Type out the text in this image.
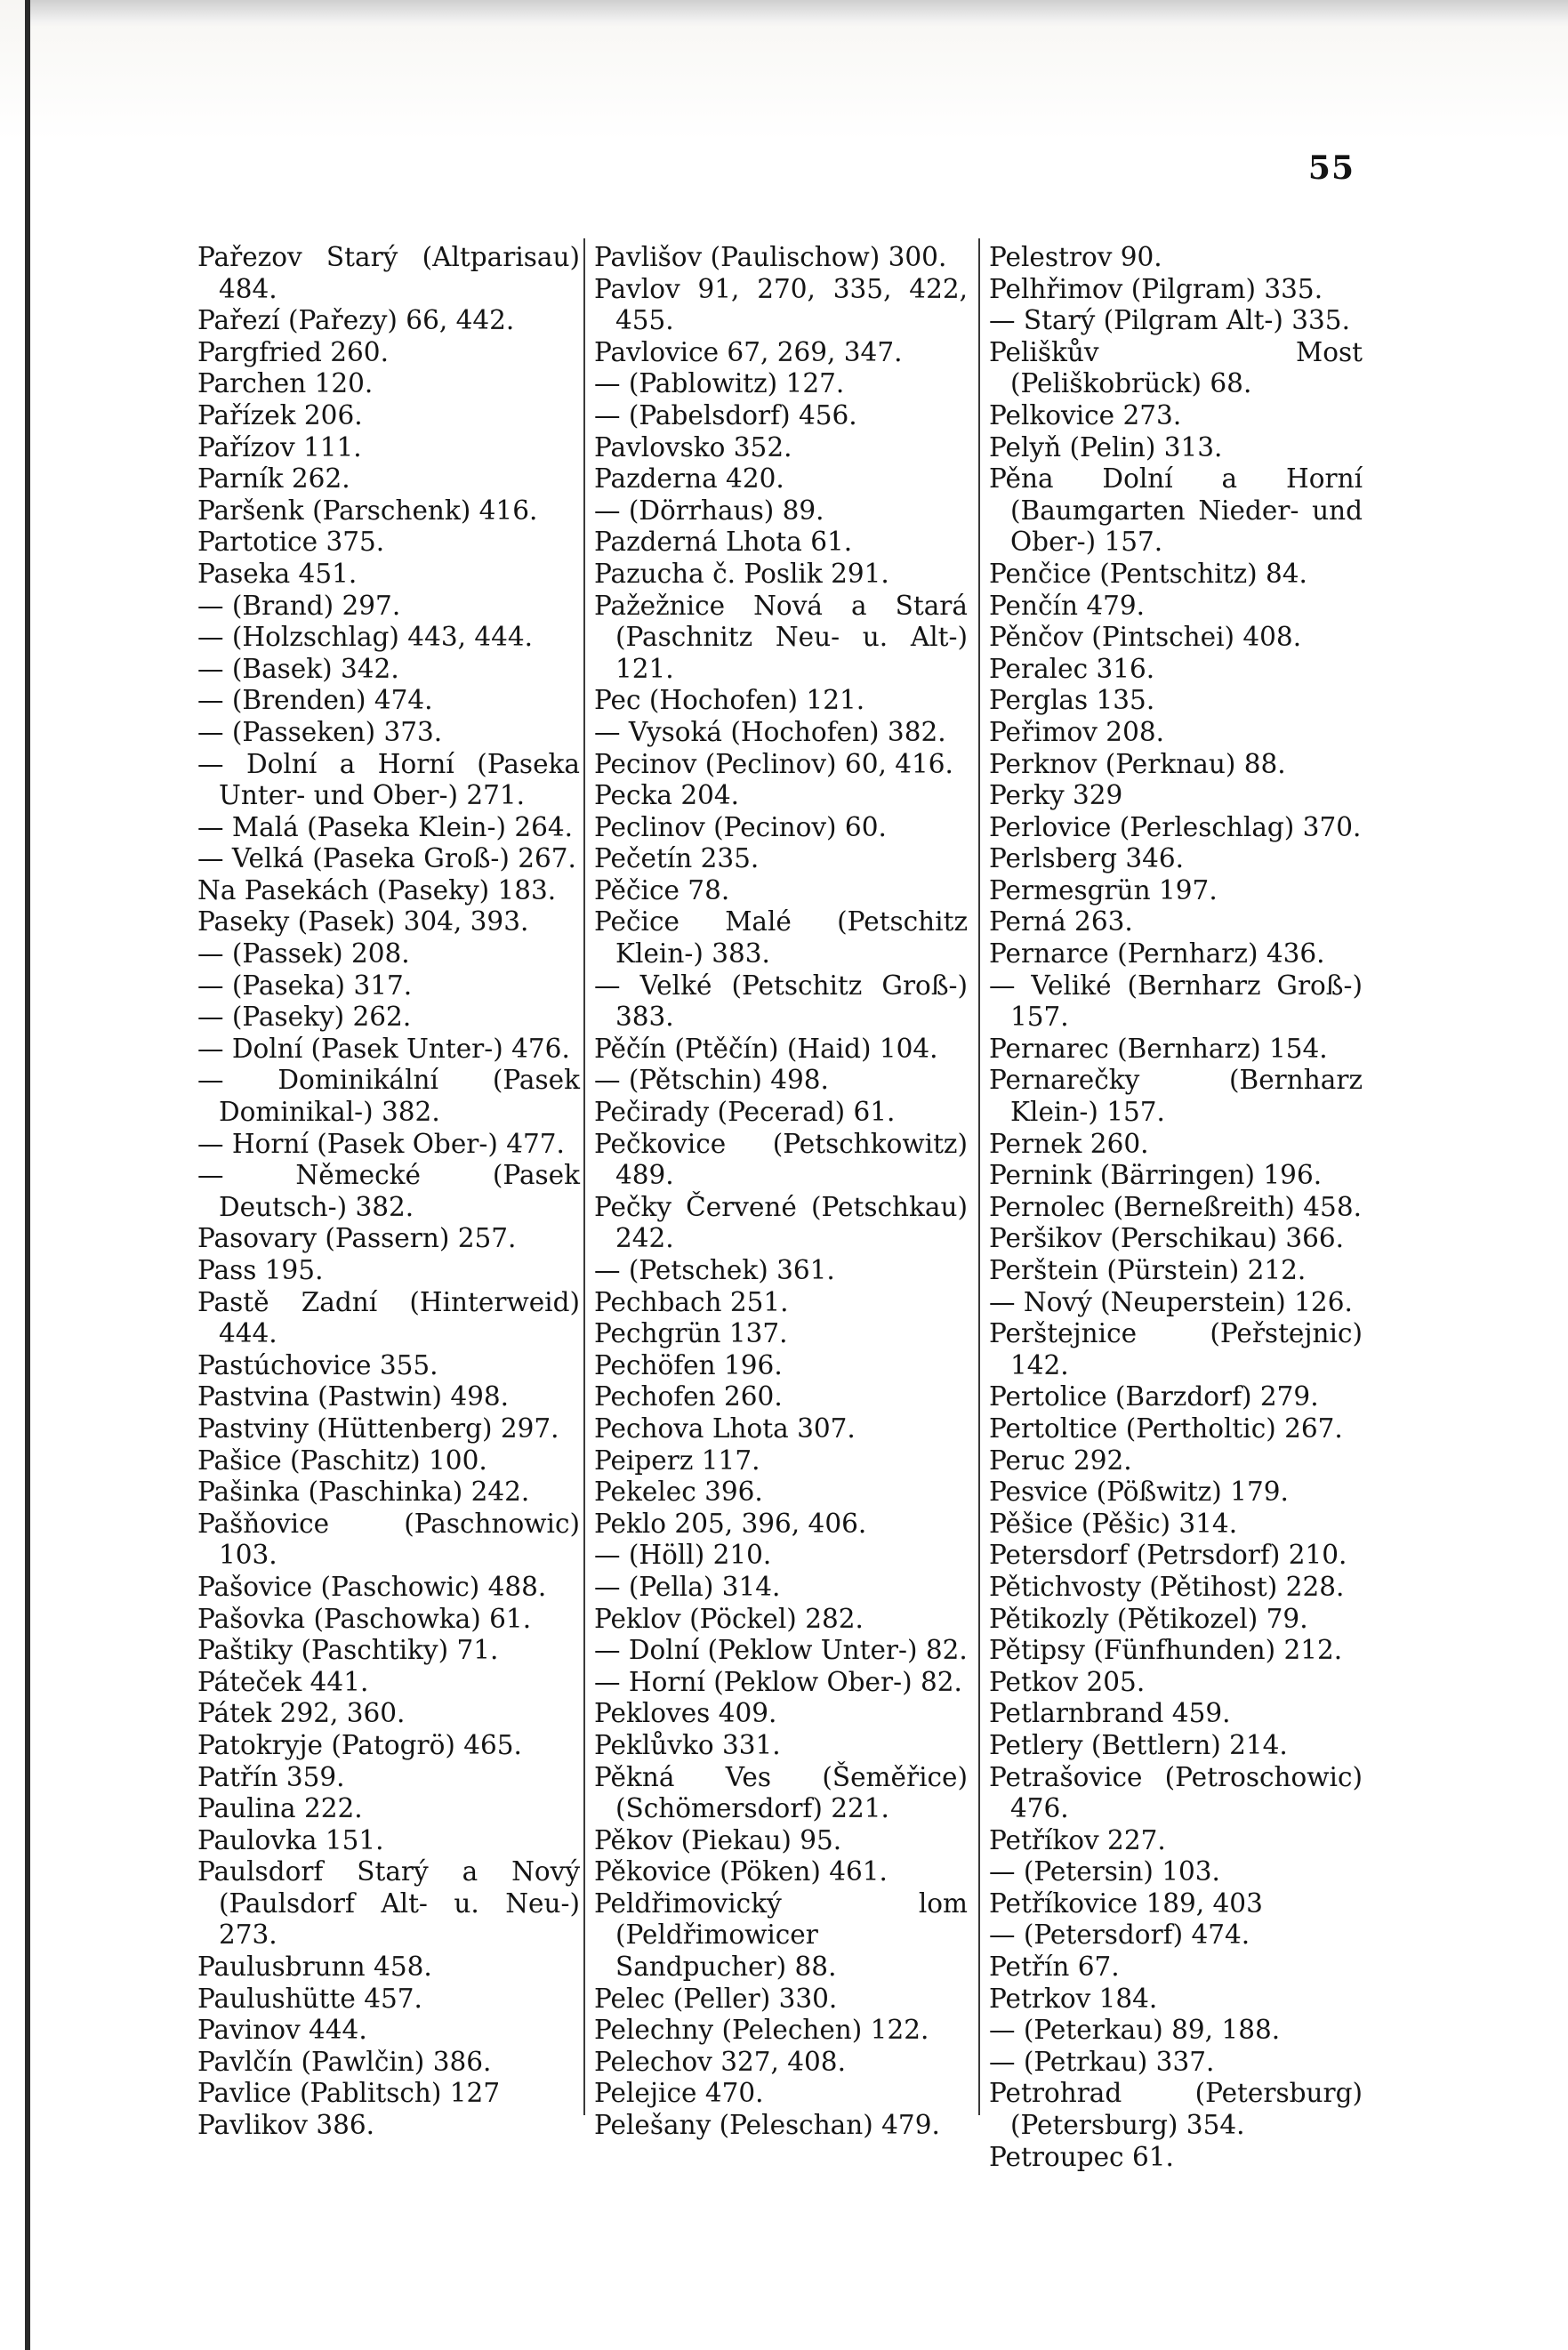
55

Pařezov Starý (Altparisau) 484.

Pařezí (Pařezy) 66, 442.

Pargfried 260.

Parchen 120.

Pařízek 206.

Pařízov 111.

Parník 262.

Paršenk (Parschenk) 416.

Partotice 375.

Paseka 451.

— (Brand) 297.

— (Holzschlag) 443, 444.

— (Basek) 342.

— (Brenden) 474.

— (Passeken) 373.

— Dolní a Horní (Paseka Unter- und Ober-) 271.

— Malá (Paseka Klein-) 264.

— Velká (Paseka Groß-) 267.

Na Pasekách (Paseky) 183.

Paseky (Pasek) 304, 393.

— (Passek) 208.

— (Paseka) 317.

— (Paseky) 262.

— Dolní (Pasek Unter-) 476.

— Dominikální (Pasek Dominikal-) 382.

— Horní (Pasek Ober-) 477.

— Německé (Pasek Deutsch-) 382.

Pasovary (Passern) 257.

Pass 195.

Pastě Zadní (Hinterweid) 444.

Pastúchovice 355.

Pastvina (Pastwin) 498.

Pastviny (Hüttenberg) 297.

Pašice (Paschitz) 100.

Pašinka (Paschinka) 242.

Pašňovice (Paschnowic) 103.

Pašovice (Paschowic) 488.

Pašovka (Paschowka) 61.

Paštiky (Paschtiky) 71.

Páteček 441.

Pátek 292, 360.

Patokryje (Patogrö) 465.

Patřín 359.

Paulina 222.

Paulovka 151.

Paulsdorf Starý a Nový (Paulsdorf Alt- u. Neu-) 273.

Paulusbrunn 458.

Paulushütte 457.

Pavinov 444.

Pavlčín (Pawlčin) 386.

Pavlice (Pablitsch) 127

Pavlikov 386.

Pavlišov (Paulischow) 300.

Pavlov 91, 270, 335, 422, 455.

Pavlovice 67, 269, 347.

— (Pablowitz) 127.

— (Pabelsdorf) 456.

Pavlovsko 352.

Pazderna 420.

— (Dörrhaus) 89.

Pazderná Lhota 61.

Pazucha č. Poslik 291.

Pažežnice Nová a Stará (Paschnitz Neu- u. Alt-) 121.

Pec (Hochofen) 121.

— Vysoká (Hochofen) 382.

Pecinov (Peclinov) 60, 416.

Pecka 204.

Peclinov (Pecinov) 60.

Pečetín 235.

Pěčice 78.

Pečice Malé (Petschitz Klein-) 383.

— Velké (Petschitz Groß-) 383.

Pěčín (Ptěčín) (Haid) 104.

— (Pětschin) 498.

Pečirady (Pecerad) 61.

Pečkovice (Petschkowitz) 489.

Pečky Červené (Petschkau) 242.

— (Petschek) 361.

Pechbach 251.

Pechgrün 137.

Pechöfen 196.

Pechofen 260.

Pechova Lhota 307.

Peiperz 117.

Pekelec 396.

Peklo 205, 396, 406.

— (Höll) 210.

— (Pella) 314.

Peklov (Pöckel) 282.

— Dolní (Peklow Unter-) 82.

— Horní (Peklow Ober-) 82.

Pekloves 409.

Peklůvko 331.

Pěkná Ves (Šeměřice) (Schömersdorf) 221.

Pěkov (Piekau) 95.

Pěkovice (Pöken) 461.

Peldřimovický lom (Peldřimowicer Sandpucher) 88.

Pelec (Peller) 330.

Pelechny (Pelechen) 122.

Pelechov 327, 408.

Pelejice 470.

Pelešany (Peleschan) 479.

Pelestrov 90.

Pelhřimov (Pilgram) 335.

— Starý (Pilgram Alt-) 335.

Peliškův Most (Peliškobrück) 68.

Pelkovice 273.

Pelyň (Pelin) 313.

Pěna Dolní a Horní (Baumgarten Nieder- und Ober-) 157.

Penčice (Pentschitz) 84.

Penčín 479.

Pěnčov (Pintschei) 408.

Peralec 316.

Perglas 135.

Peřimov 208.

Perknov (Perknau) 88.

Perky 329

Perlovice (Perleschlag) 370.

Perlsberg 346.

Permesgrün 197.

Perná 263.

Pernarce (Pernharz) 436.

— Veliké (Bernharz Groß-) 157.

Pernarec (Bernharz) 154.

Pernarečky (Bernharz Klein-) 157.

Pernek 260.

Pernink (Bärringen) 196.

Pernolec (Berneßreith) 458.

Peršikov (Perschikau) 366.

Perštein (Pürstein) 212.

— Nový (Neuperstein) 126.

Perštejnice (Peřstejnic) 142.

Pertolice (Barzdorf) 279.

Pertoltice (Pertholtic) 267.

Peruc 292.

Pesvice (Pößwitz) 179.

Pěšice (Pěšic) 314.

Petersdorf (Petrsdorf) 210.

Pětichvosty (Pětihost) 228.

Pětikozly (Pětikozel) 79.

Pětipsy (Fünfhunden) 212.

Petkov 205.

Petlarnbrand 459.

Petlery (Bettlern) 214.

Petrašovice (Petroschowic) 476.

Petříkov 227.

— (Petersin) 103.

Petříkovice 189, 403

— (Petersdorf) 474.

Petřín 67.

Petrkov 184.

— (Peterkau) 89, 188.

— (Petrkau) 337.

Petrohrad (Petersburg) (Petersburg) 354.

Petroupec 61.
